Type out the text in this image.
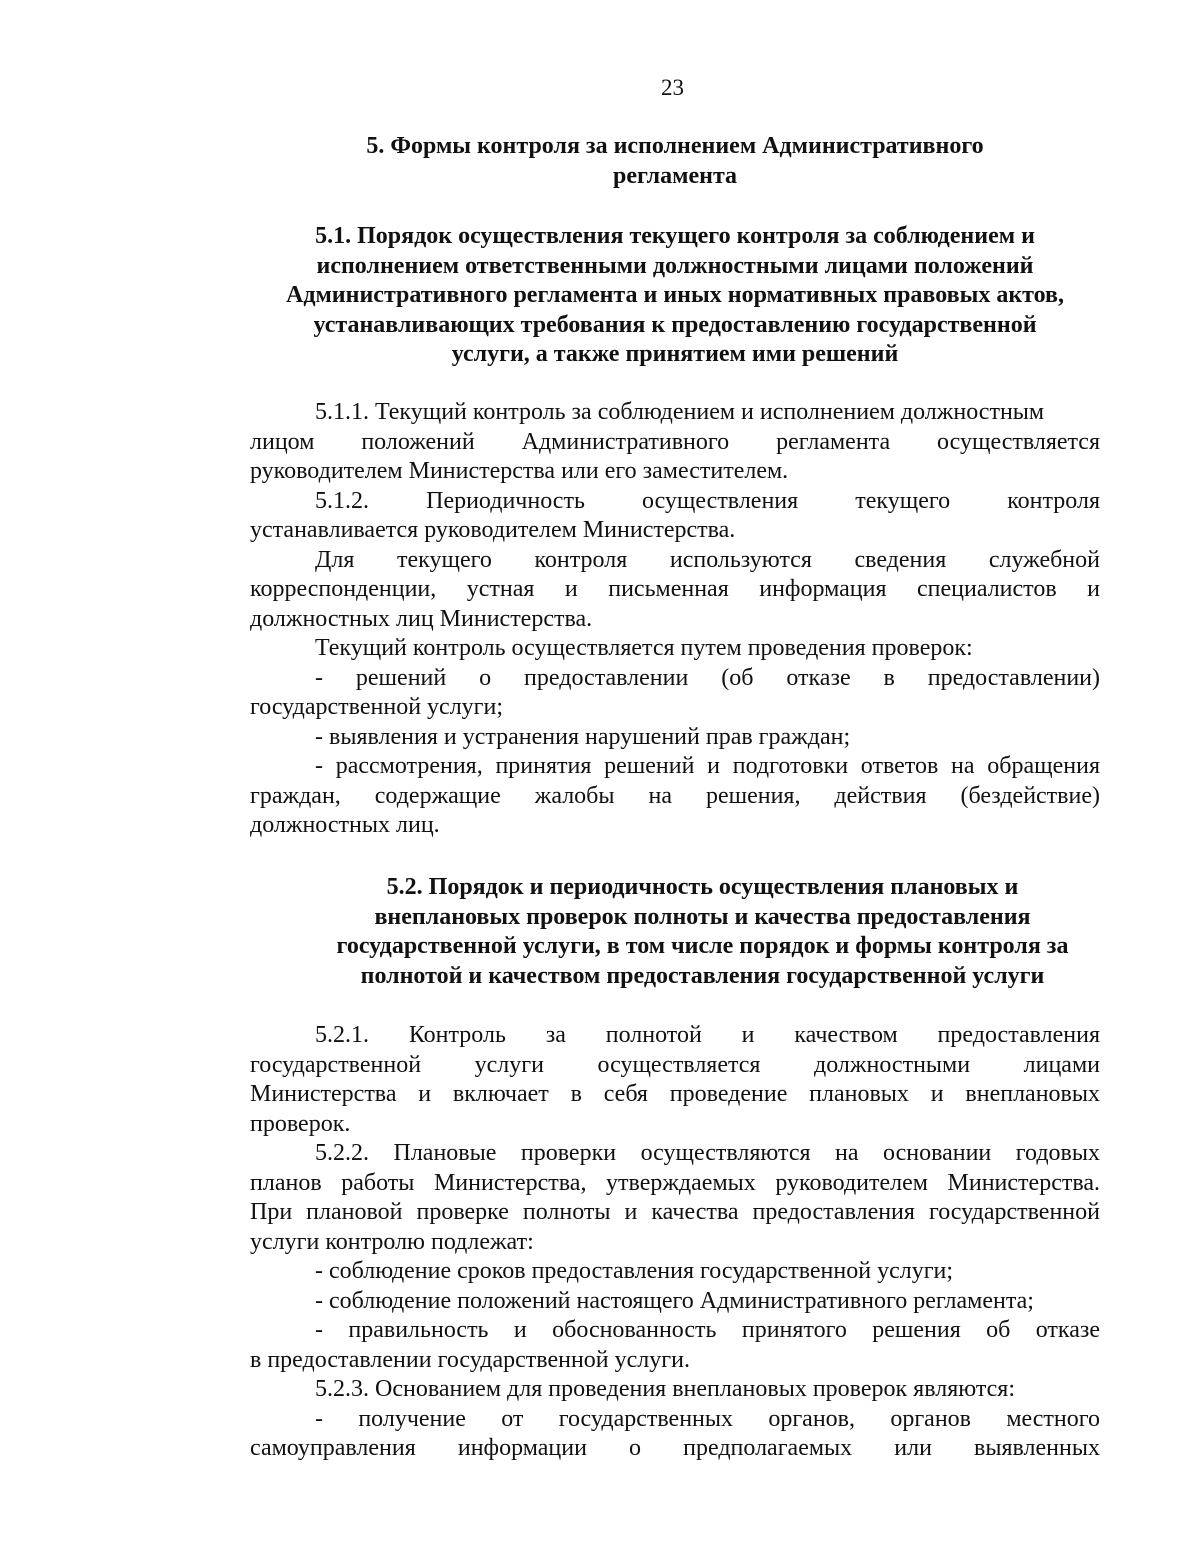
23
5. Формы контроля за исполнением Административного
регламента
5.1. Порядок осуществления текущего контроля за соблюдением и
исполнением ответственными должностными лицами положений
Административного регламента и иных нормативных правовых актов,
устанавливающих требования к предоставлению государственной
услуги, а также принятием ими решений
5.1.1. Текущий контроль за соблюдением и исполнением должностным
лицом положений Административного регламента осуществляется
руководителем Министерства или его заместителем.
5.1.2. Периодичность осуществления текущего контроля
устанавливается руководителем Министерства.
Для текущего контроля используются сведения служебной
корреспонденции, устная и письменная информация специалистов и
должностных лиц Министерства.
Текущий контроль осуществляется путем проведения проверок:
- решений о предоставлении (об отказе в предоставлении)
государственной услуги;
- выявления и устранения нарушений прав граждан;
- рассмотрения, принятия решений и подготовки ответов на обращения
граждан, содержащие жалобы на решения, действия (бездействие)
должностных лиц.
5.2. Порядок и периодичность осуществления плановых и
внеплановых проверок полноты и качества предоставления
государственной услуги, в том числе порядок и формы контроля за
полнотой и качеством предоставления государственной услуги
5.2.1. Контроль за полнотой и качеством предоставления
государственной услуги осуществляется должностными лицами
Министерства и включает в себя проведение плановых и внеплановых
проверок.
5.2.2. Плановые проверки осуществляются на основании годовых
планов работы Министерства, утверждаемых руководителем Министерства.
При плановой проверке полноты и качества предоставления государственной
услуги контролю подлежат:
- соблюдение сроков предоставления государственной услуги;
- соблюдение положений настоящего Административного регламента;
- правильность и обоснованность принятого решения об отказе
в предоставлении государственной услуги.
5.2.3. Основанием для проведения внеплановых проверок являются:
- получение от государственных органов, органов местного
самоуправления информации о предполагаемых или выявленных
